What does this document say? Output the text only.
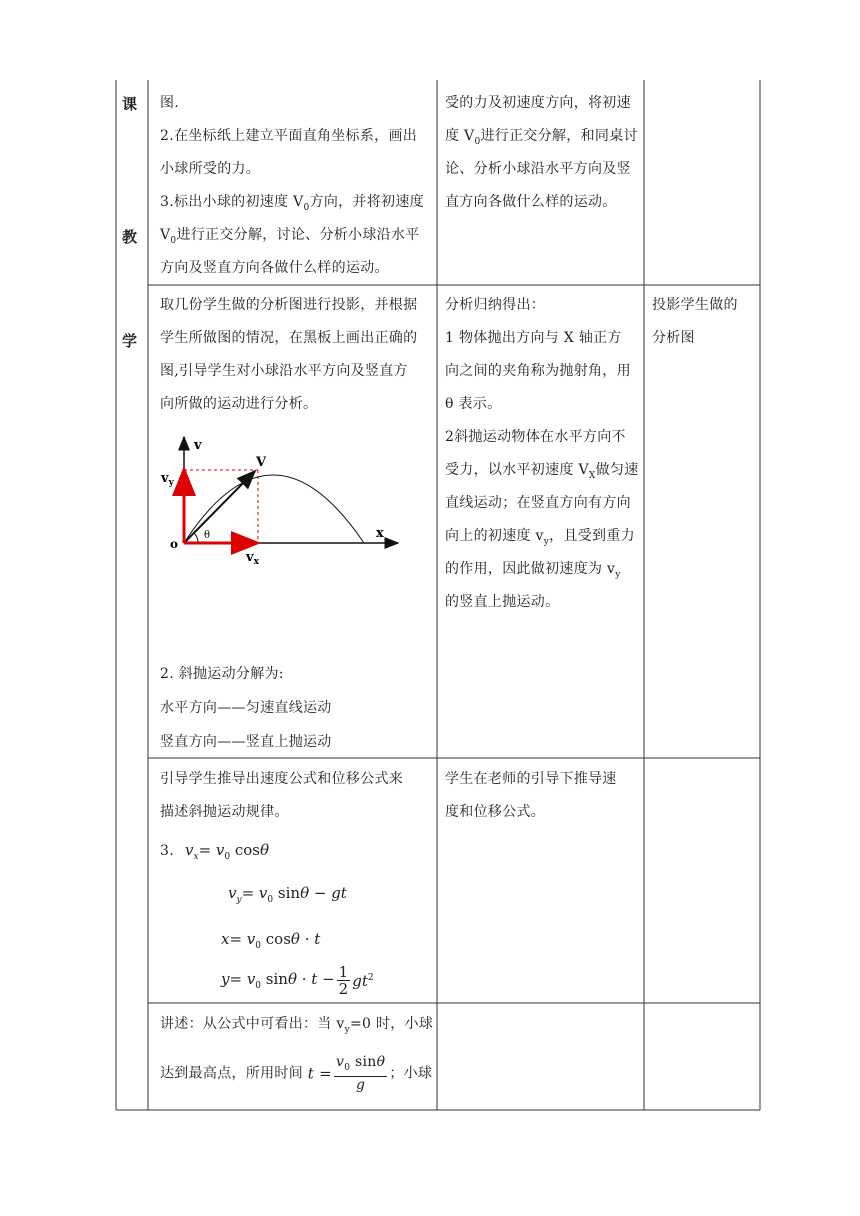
课
教
学
图.
2.在坐标纸上建立平面直角坐标系，画出
小球所受的力。
3.标出小球的初速度 $V_0$方向，并将初速度
$V_0$进行正交分解，讨论、分析小球沿水平
方向及竖直方向各做什么样的运动。
受的力及初速度方向，将初速
度 $V_0$进行正交分解，和同桌讨
论、分析小球沿水平方向及竖
直方向各做什么样的运动。
取几份学生做的分析图进行投影，并根据
学生所做图的情况，在黑板上画出正确的
图,引导学生对小球沿水平方向及竖直方
向所做的运动进行分析。
v
V
$v_y$
o
θ
$v_x$
x
2. 斜抛运动分解为:
水平方向——匀速直线运动
竖直方向——竖直上抛运动
分析归纳得出：
1 物体抛出方向与 X 轴正方
向之间的夹角称为抛射角，用
θ 表示。
2斜抛运动物体在水平方向不
受力，以水平初速度 $V_X$做匀速
直线运动；在竖直方向有方向
向上的初速度 $v_y$，且受到重力
的作用，因此做初速度为 $v_y$
的竖直上抛运动。
投影学生做的
分析图
引导学生推导出速度公式和位移公式来
描述斜抛运动规律。
3. $v_x= v_0$ cosθ
$v_y= v_0$ sinθ − gt
$x= v_0$ cosθ · t
$y= v_0$ $\sin\theta \cdot t - \frac{1}{2} gt^2$
学生在老师的引导下推导速
度和位移公式。
讲述：从公式中可看出：当 $v_y=0$ 时，小球
达到最高点，所用时间 $t = \frac{v_0 \sin\theta}{g}$ ；小球
